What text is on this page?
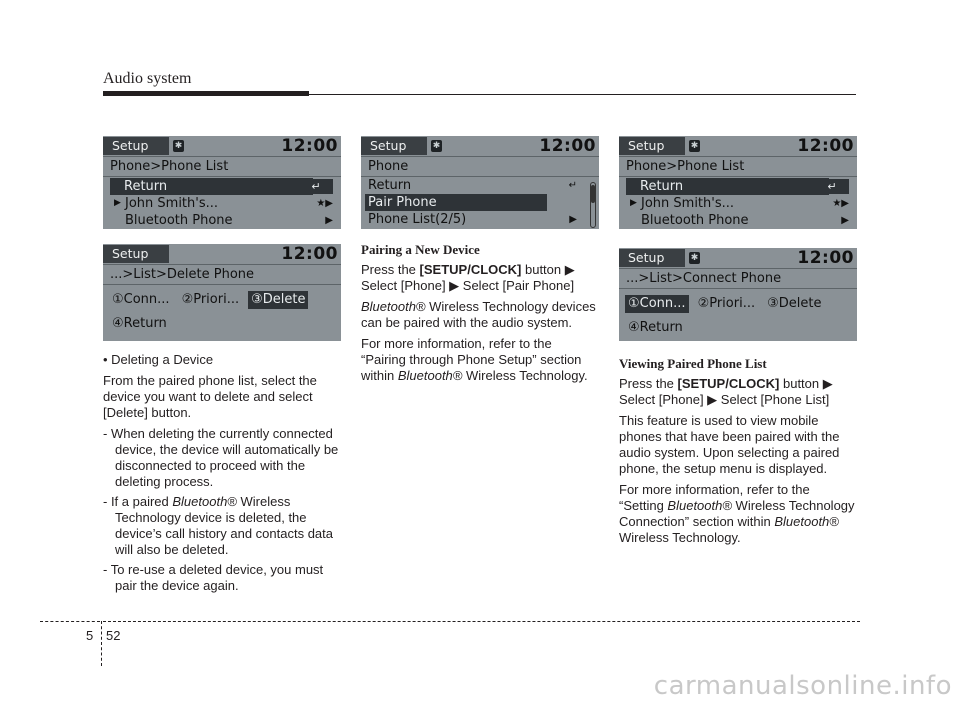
Audio system
Setup	✱	12:00
Phone>Phone List
Return	↵
▶ John Smith's...	★▶
Bluetooth Phone	▶
Setup	12:00
...>List>Delete Phone
①Conn... ②Priori... ③Delete
④Return
Setup	✱	12:00
Phone
Return	↵
Pair Phone
Phone List(2/5)	▶
Setup	✱	12:00
Phone>Phone List
Return	↵
▶ John Smith's...	★▶
Bluetooth Phone	▶
Setup	✱	12:00
...>List>Connect Phone
①Conn... ②Priori... ③Delete
④Return

• Deleting a Device

From the paired phone list, select the device you want to delete and select [Delete] button.

- When deleting the currently connected device, the device will automatically be disconnected to proceed with the deleting process.

- If a paired Bluetooth® Wireless Technology device is deleted, the device’s call history and contacts data will also be deleted.

- To re-use a deleted device, you must pair the device again.

Pairing a New Device

Press the [SETUP/CLOCK] button ▶ Select [Phone] ▶ Select [Pair Phone]

Bluetooth® Wireless Technology devices can be paired with the audio system.

For more information, refer to the “Pairing through Phone Setup” section within Bluetooth® Wireless Technology.

Viewing Paired Phone List

Press the [SETUP/CLOCK] button ▶ Select [Phone] ▶ Select [Phone List]

This feature is used to view mobile phones that have been paired with the audio system. Upon selecting a paired phone, the setup menu is displayed.

For more information, refer to the “Setting Bluetooth® Wireless Technology Connection” section within Bluetooth® Wireless Technology.

5 52
carmanualsonline.info
